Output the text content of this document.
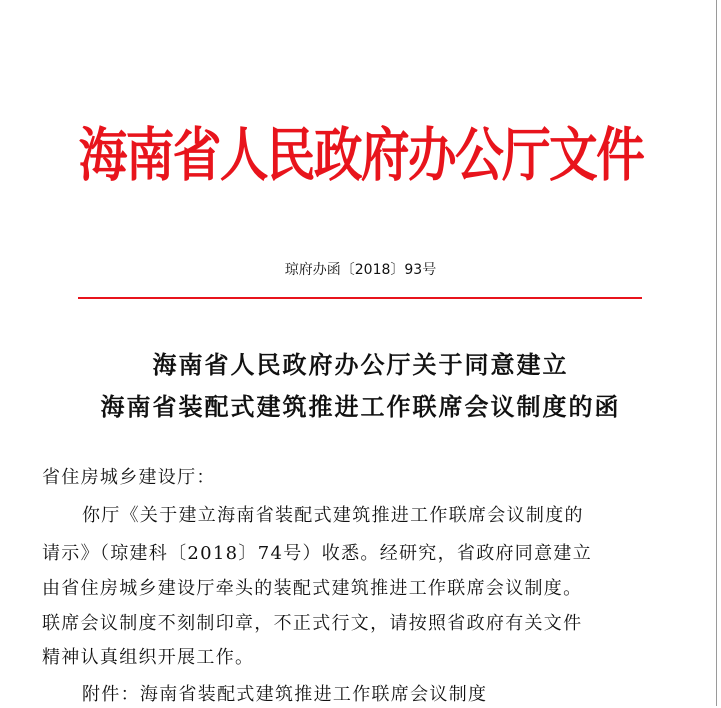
海南省人民政府办公厅文件
琼府办函〔2018〕93号
海南省人民政府办公厅关于同意建立
海南省装配式建筑推进工作联席会议制度的函
省住房城乡建设厅：
你厅《关于建立海南省装配式建筑推进工作联席会议制度的
请示》（琼建科〔2018〕74号）收悉。经研究，省政府同意建立
由省住房城乡建设厅牵头的装配式建筑推进工作联席会议制度。
联席会议制度不刻制印章，不正式行文，请按照省政府有关文件
精神认真组织开展工作。
附件：海南省装配式建筑推进工作联席会议制度
